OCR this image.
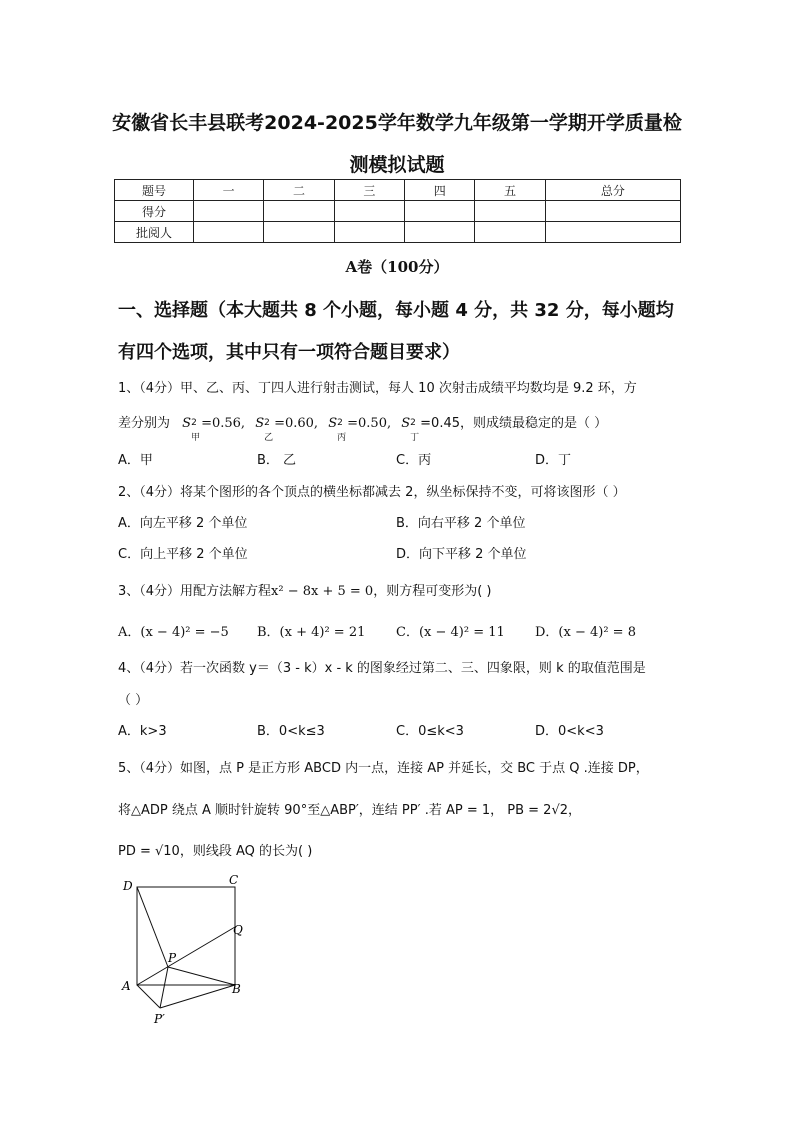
安徽省长丰县联考2024-2025学年数学九年级第一学期开学质量检
测模拟试题
题号	一	二	三	四	五	总分
得分						
批阅人						
A卷（100分）
一、选择题（本大题共 8 个小题，每小题 4 分，共 32 分，每小题均
有四个选项，其中只有一项符合题目要求）
1、（4分）甲、乙、丙、丁四人进行射击测试，每人 10 次射击成绩平均数均是 9.2 环，方
差分别为 S 2
甲
=0.56, S 2
乙
=0.60, S 2
丙
=0.50, S 2
丁
=0.45，则成绩最稳定的是（ ）
A．甲	B． 乙	C．丙	D．丁
2、（4分）将某个图形的各个顶点的横坐标都减去 2，纵坐标保持不变，可将该图形（ ）
A．向左平移 2 个单位	B．向右平移 2 个单位
C．向上平移 2 个单位	D．向下平移 2 个单位
3、（4分）用配方法解方程x² − 8x + 5 = 0，则方程可变形为( )
A．(x − 4)² = −5 B．(x + 4)² = 21 C．(x − 4)² = 11 D．(x − 4)² = 8
4、（4分）若一次函数 y＝（3 - k）x - k 的图象经过第二、三、四象限，则 k 的取值范围是
（ ）
A．k>3	B．0<k≤3	C．0≤k<3	D．0<k<3
5、（4分）如图，点 P 是正方形 ABCD 内一点，连接 AP 并延长，交 BC 于点 Q .连接 DP，
将△ADP 绕点 A 顺时针旋转 90°至△ABP′，连结 PP′ .若 AP = 1， PB = 2√2，
PD = √10，则线段 AQ 的长为( )
D	C
Q
P
A	B
P′
